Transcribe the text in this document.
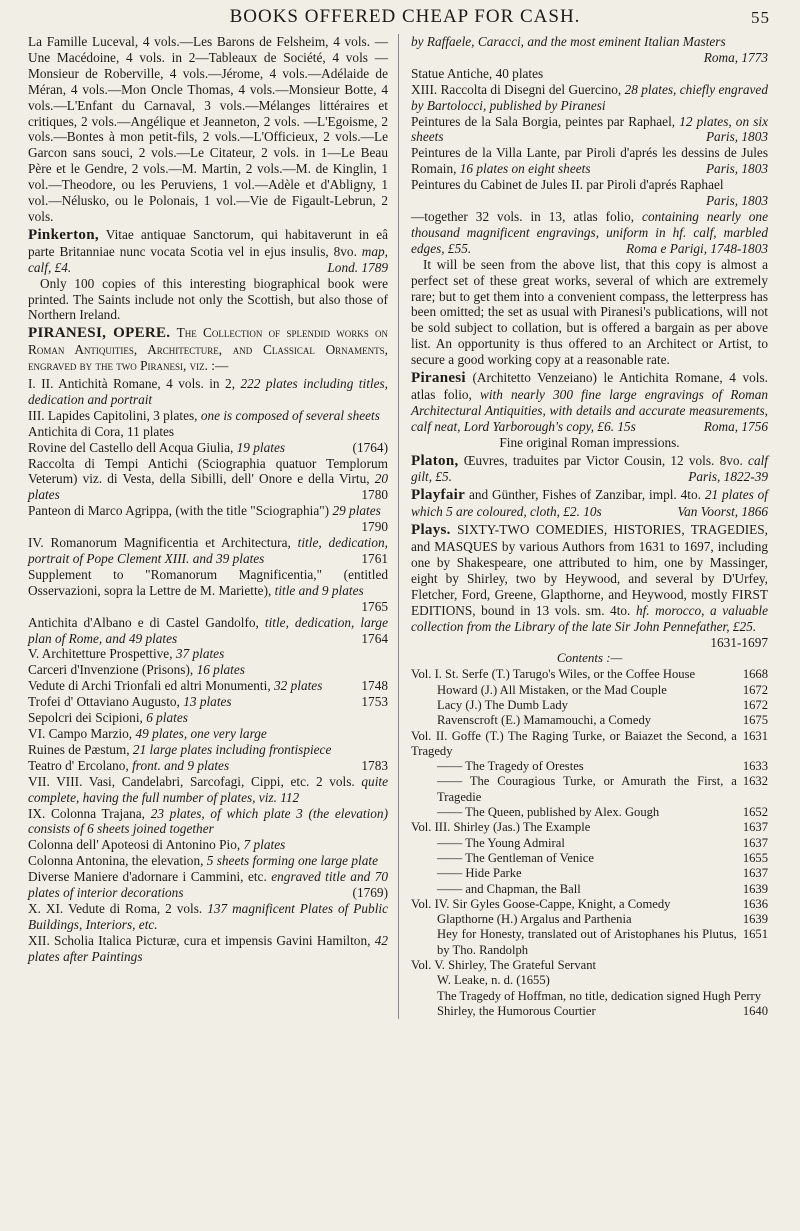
BOOKS OFFERED CHEAP FOR CASH.	55

La Famille Luceval, 4 vols.—Les Barons de Felsheim, 4 vols. —Une Macédoine, 4 vols. in 2—Tableaux de Société, 4 vols —Monsieur de Roberville, 4 vols.—Jérome, 4 vols.—Adélaide de Méran, 4 vols.—Mon Oncle Thomas, 4 vols.—Monsieur Botte, 4 vols.—L'Enfant du Carnaval, 3 vols.—Mélanges littéraires et critiques, 2 vols.—Angélique et Jeanneton, 2 vols. —L'Egoisme, 2 vols.—Bontes à mon petit-fils, 2 vols.—L'Officieux, 2 vols.—Le Garcon sans souci, 2 vols.—Le Citateur, 2 vols. in 1—Le Beau Père et le Gendre, 2 vols.—M. Martin, 2 vols.—M. de Kinglin, 1 vol.—Theodore, ou les Peruviens, 1 vol.—Adèle et d'Abligny, 1 vol.—Nélusko, ou le Polonais, 1 vol.—Vie de Figault-Lebrun, 2 vols.

Pinkerton, Vitae antiquae Sanctorum, qui habitaverunt in eâ parte Britanniae nunc vocata Scotia vel in ejus insulis, 8vo. map, calf, £4.	Lond. 1789
Only 100 copies of this interesting biographical book were printed. The Saints include not only the Scottish, but also those of Northern Ireland.

PIRANESI, OPERE. The Collection of splendid works on Roman Antiquities, Architecture, and Classical Ornaments, engraved by the two Piranesi, viz. :—

I. II. Antichità Romane, 4 vols. in 2, 222 plates including titles, dedication and portrait
III. Lapides Capitolini, 3 plates, one is composed of several sheets
Antichita di Cora, 11 plates
Rovine del Castello dell Acqua Giulia, 19 plates	(1764)
Raccolta di Tempi Antichi (Sciographia quatuor Templorum Veterum) viz. di Vesta, della Sibilli, dell' Onore e della Virtu, 20 plates	1780
Panteon di Marco Agrippa, (with the title "Sciographia") 29 plates
1790
IV. Romanorum Magnificentia et Architectura, title, dedication, portrait of Pope Clement XIII. and 39 plates	1761
Supplement to "Romanorum Magnificentia," (entitled Osservazioni, sopra la Lettre de M. Mariette), title and 9 plates
1765
Antichita d'Albano e di Castel Gandolfo, title, dedication, large plan of Rome, and 49 plates	1764
V. Architetture Prospettive, 37 plates
Carceri d'Invenzione (Prisons), 16 plates
Vedute di Archi Trionfali ed altri Monumenti, 32 plates	1748
Trofei d' Ottaviano Augusto, 13 plates	1753
Sepolcri dei Scipioni, 6 plates
VI. Campo Marzio, 49 plates, one very large
Ruines de Pæstum, 21 large plates including frontispiece
Teatro d' Ercolano, front. and 9 plates	1783
VII. VIII. Vasi, Candelabri, Sarcofagi, Cippi, etc. 2 vols. quite complete, having the full number of plates, viz. 112
IX. Colonna Trajana, 23 plates, of which plate 3 (the elevation) consists of 6 sheets joined together
Colonna dell' Apoteosi di Antonino Pio, 7 plates
Colonna Antonina, the elevation, 5 sheets forming one large plate
Diverse Maniere d'adornare i Cammini, etc. engraved title and 70 plates of interior decorations	(1769)
X. XI. Vedute di Roma, 2 vols. 137 magnificent Plates of Public Buildings, Interiors, etc.
XII. Scholia Italica Picturæ, cura et impensis Gavini Hamilton, 42 plates after Paintings
by Raffaele, Caracci, and the most eminent Italian Masters
Roma, 1773
Statue Antiche, 40 plates
XIII. Raccolta di Disegni del Guercino, 28 plates, chiefly engraved by Bartolocci, published by Piranesi
Peintures de la Sala Borgia, peintes par Raphael, 12 plates, on six sheets	Paris, 1803
Peintures de la Villa Lante, par Piroli d'aprés les dessins de Jules Romain, 16 plates on eight sheets	Paris, 1803
Peintures du Cabinet de Jules II. par Piroli d'aprés Raphael
Paris, 1803
—together 32 vols. in 13, atlas folio, containing nearly one thousand magnificent engravings, uniform in hf. calf, marbled edges, £55.	Roma e Parigi, 1748-1803
It will be seen from the above list, that this copy is almost a perfect set of these great works, several of which are extremely rare; but to get them into a convenient compass, the letterpress has been omitted; the set as usual with Piranesi's publications, will not be sold subject to collation, but is offered a bargain as per above list. An opportunity is thus offered to an Architect or Artist, to secure a good working copy at a reasonable rate.

Piranesi (Architetto Venzeiano) le Antichita Romane, 4 vols. atlas folio, with nearly 300 fine large engravings of Roman Architectural Antiquities, with details and accurate measurements, calf neat, Lord Yarborough's copy, £6. 15s	Roma, 1756
Fine original Roman impressions.

Platon, Œuvres, traduites par Victor Cousin, 12 vols. 8vo. calf gilt, £5.	Paris, 1822-39

Playfair and Günther, Fishes of Zanzibar, impl. 4to. 21 plates of which 5 are coloured, cloth, £2. 10s	Van Voorst, 1866

Plays. SIXTY-TWO COMEDIES, HISTORIES, TRAGEDIES, and MASQUES by various Authors from 1631 to 1697, including one by Shakespeare, one attributed to him, one by Massinger, eight by Shirley, two by Heywood, and several by D'Urfey, Fletcher, Ford, Greene, Glapthorne, and Heywood, mostly FIRST EDITIONS, bound in 13 vols. sm. 4to. hf. morocco, a valuable collection from the Library of the late Sir John Pennefather, £25.
1631-1697

Contents :—
Vol. I. St. Serfe (T.) Tarugo's Wiles, or the Coffee House	1668
Howard (J.) All Mistaken, or the Mad Couple	1672
Lacy (J.) The Dumb Lady	1672
Ravenscroft (E.) Mamamouchi, a Comedy	1675
Vol. II. Goffe (T.) The Raging Turke, or Baiazet the Second, a Tragedy
1631
—— The Tragedy of Orestes	1633
—— The Couragious Turke, or Amurath the First, a Tragedie
1632
—— The Queen, published by Alex. Gough	1652
Vol. III. Shirley (Jas.) The Example	1637
—— The Young Admiral	1637
—— The Gentleman of Venice	1655
—— Hide Parke	1637
—— and Chapman, the Ball	1639
Vol. IV. Sir Gyles Goose-Cappe, Knight, a Comedy	1636
Glapthorne (H.) Argalus and Parthenia	1639
Hey for Honesty, translated out of Aristophanes his Plutus, by Tho. Randolph
1651
Vol. V. Shirley, The Grateful Servant
W. Leake, n. d. (1655)
The Tragedy of Hoffman, no title, dedication signed Hugh Perry
Shirley, the Humorous Courtier	1640
